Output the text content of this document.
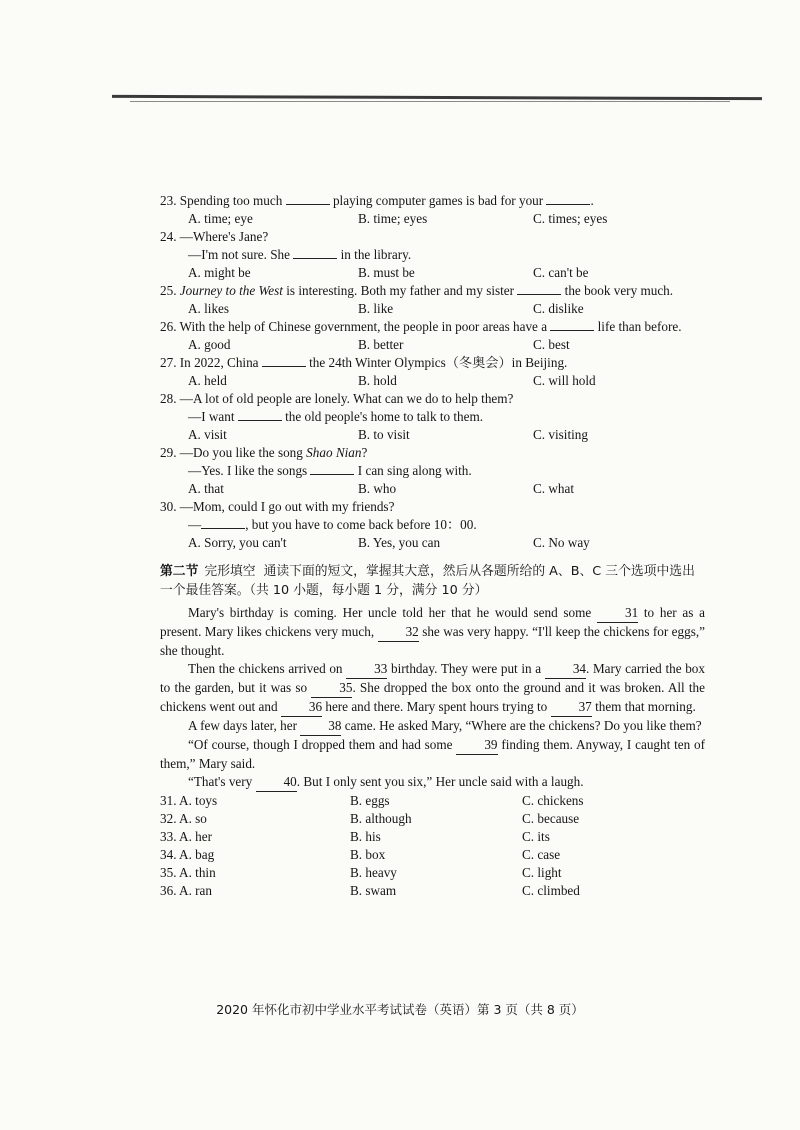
23. Spending too much	playing computer games is bad for your	.

A. time; eye	B. time; eyes	C. times; eyes

24. —Where's Jane?

—I'm not sure. She	in the library.

A. might be	B. must be	C. can't be

25. Journey to the West is interesting. Both my father and my sister	the book very much.

A. likes	B. like	C. dislike

26. With the help of Chinese government, the people in poor areas have a	life than before.

A. good	B. better	C. best

27. In 2022, China	the 24th Winter Olympics（冬奥会）in Beijing.

A. held	B. hold	C. will hold

28. —A lot of old people are lonely. What can we do to help them?

—I want	the old people's home to talk to them.

A. visit	B. to visit	C. visiting

29. —Do you like the song Shao Nian?

—Yes. I like the songs	I can sing along with.

A. that	B. who	C. what

30. —Mom, could I go out with my friends?

—	, but you have to come back before 10：00.

A. Sorry, you can't	B. Yes, you can	C. No way
第二节 完形填空 通读下面的短文，掌握其大意，然后从各题所给的 A、B、C 三个选项中选出一个最佳答案。（共 10 小题，每小题 1 分，满分 10 分）

Mary's birthday is coming. Her uncle told her that he would send some 31 to her as a present. Mary likes chickens very much, 32 she was very happy. “I'll keep the chickens for eggs,” she thought.

Then the chickens arrived on 33 birthday. They were put in a 34. Mary carried the box to the garden, but it was so 35. She dropped the box onto the ground and it was broken. All the chickens went out and 36 here and there. Mary spent hours trying to 37 them that morning.

A few days later, her 38 came. He asked Mary, “Where are the chickens? Do you like them?

“Of course, though I dropped them and had some 39 finding them. Anyway, I caught ten of them,” Mary said.

“That's very 40. But I only sent you six,” Her uncle said with a laugh.

31. A. toys	B. eggs	C. chickens
32. A. so	B. although	C. because
33. A. her	B. his	C. its
34. A. bag	B. box	C. case
35. A. thin	B. heavy	C. light
36. A. ran	B. swam	C. climbed
2020 年怀化市初中学业水平考试试卷（英语）第 3 页（共 8 页）
